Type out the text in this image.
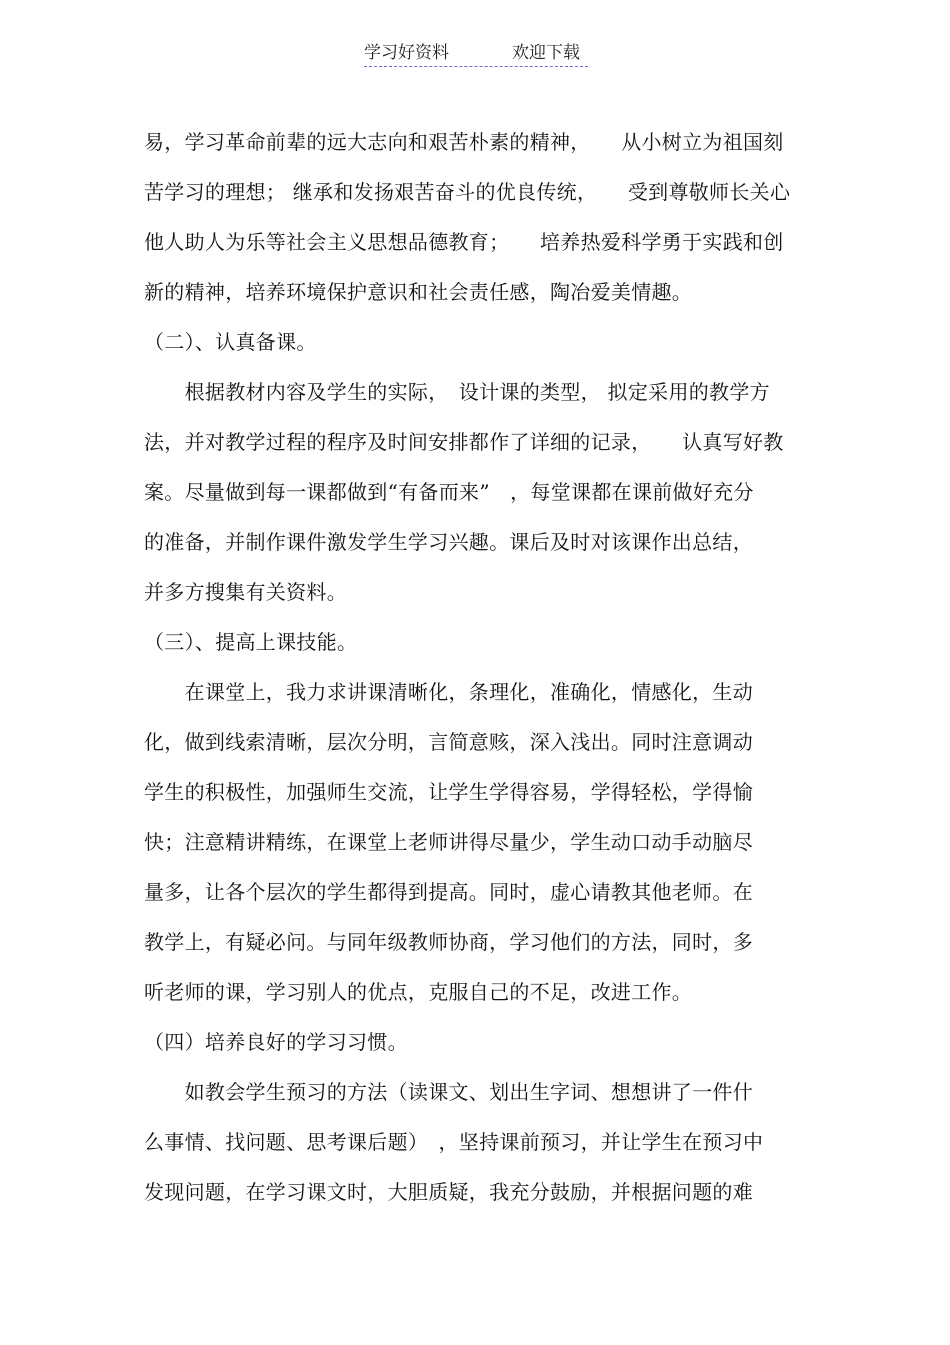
学习好资料	欢迎下载
易，学习革命前辈的远大志向和艰苦朴素的精神，　　从小树立为祖国刻
苦学习的理想； 继承和发扬艰苦奋斗的优良传统，　　受到尊敬师长关心
他人助人为乐等社会主义思想品德教育；　　培养热爱科学勇于实践和创
新的精神，培养环境保护意识和社会责任感，陶冶爱美情趣。
（二）、认真备课。
　　根据教材内容及学生的实际，　设计课的类型， 拟定采用的教学方
法，并对教学过程的程序及时间安排都作了详细的记录，　　认真写好教
案。尽量做到每一课都做到“有备而来”　，每堂课都在课前做好充分
的准备，并制作课件激发学生学习兴趣。课后及时对该课作出总结，
并多方搜集有关资料。
（三）、提高上课技能。
　　在课堂上，我力求讲课清晰化，条理化，准确化，情感化，生动
化，做到线索清晰，层次分明，言简意赅，深入浅出。同时注意调动
学生的积极性，加强师生交流，让学生学得容易，学得轻松，学得愉
快；注意精讲精练，在课堂上老师讲得尽量少，学生动口动手动脑尽
量多，让各个层次的学生都得到提高。同时，虚心请教其他老师。在
教学上，有疑必问。与同年级教师协商，学习他们的方法，同时，多
听老师的课，学习别人的优点，克服自己的不足，改进工作。
（四）培养良好的学习习惯。
　　如教会学生预习的方法（读课文、划出生字词、想想讲了一件什
么事情、找问题、思考课后题）　，坚持课前预习，并让学生在预习中
发现问题，在学习课文时，大胆质疑，我充分鼓励，并根据问题的难
